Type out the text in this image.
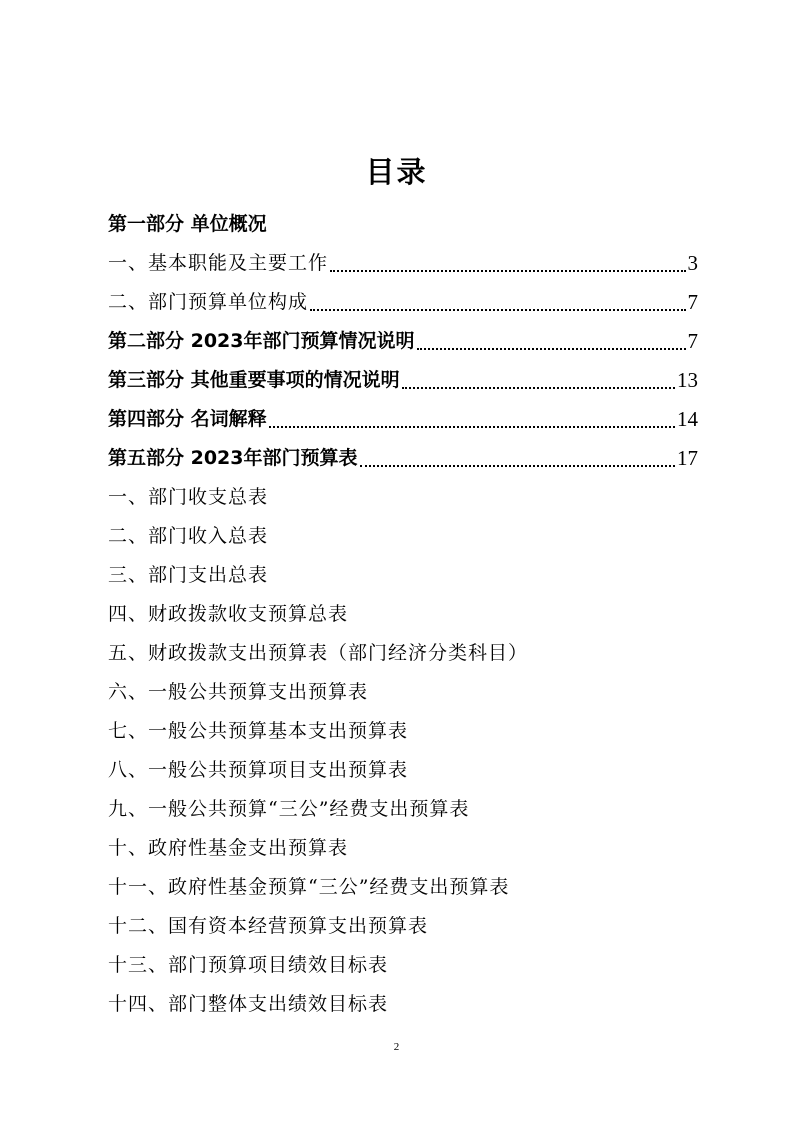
目录
第一部分 单位概况
一、基本职能及主要工作	3
二、部门预算单位构成	7
第二部分 2023年部门预算情况说明	7
第三部分 其他重要事项的情况说明	13
第四部分 名词解释	14
第五部分 2023年部门预算表	17
一、部门收支总表
二、部门收入总表
三、部门支出总表
四、财政拨款收支预算总表
五、财政拨款支出预算表（部门经济分类科目）
六、一般公共预算支出预算表
七、一般公共预算基本支出预算表
八、一般公共预算项目支出预算表
九、一般公共预算“三公”经费支出预算表
十、政府性基金支出预算表
十一、政府性基金预算“三公”经费支出预算表
十二、国有资本经营预算支出预算表
十三、部门预算项目绩效目标表
十四、部门整体支出绩效目标表
2
